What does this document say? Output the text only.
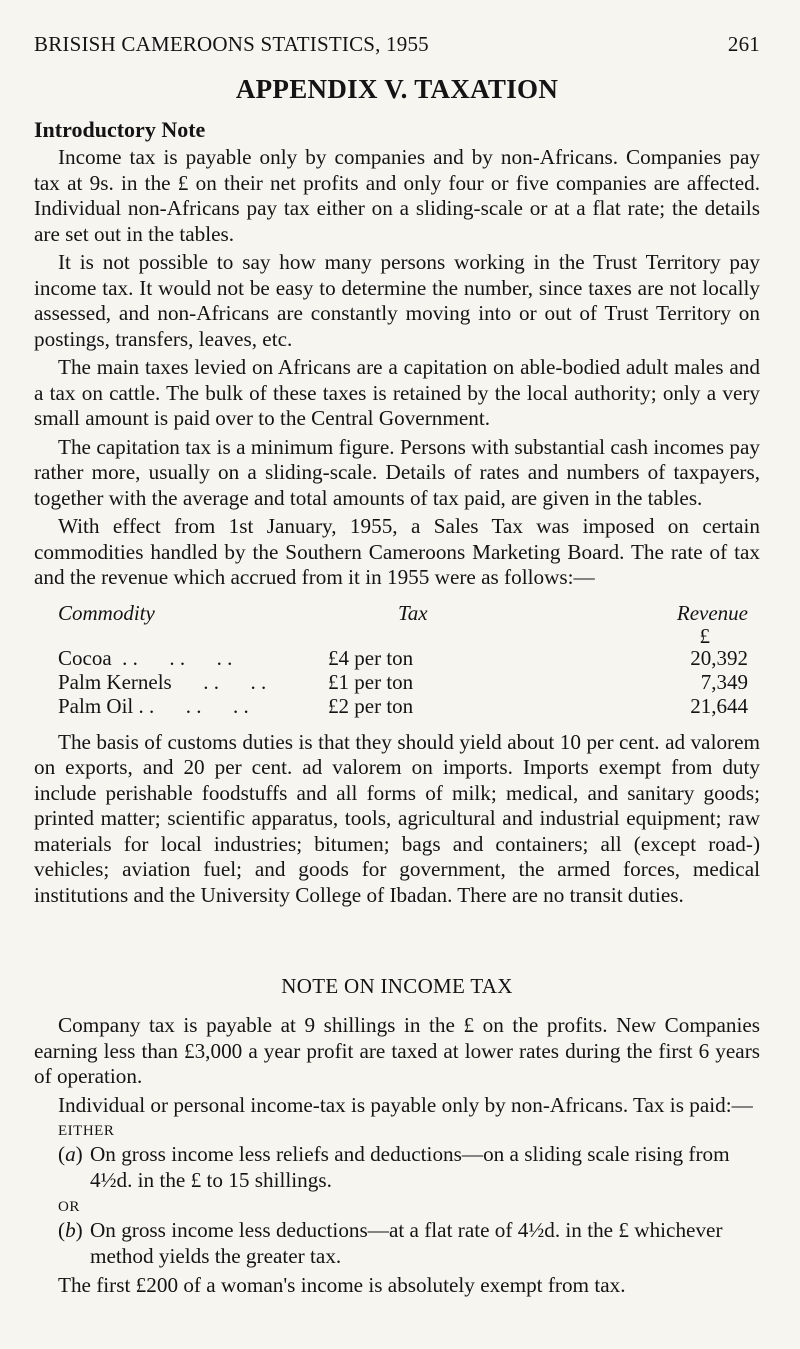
BRISISH CAMEROONS STATISTICS, 1955	261
APPENDIX V. TAXATION
Introductory Note

Income tax is payable only by companies and by non-Africans. Companies pay tax at 9s. in the £ on their net profits and only four or five companies are affected. Individual non-Africans pay tax either on a sliding-scale or at a flat rate; the details are set out in the tables.

It is not possible to say how many persons working in the Trust Territory pay income tax. It would not be easy to determine the number, since taxes are not locally assessed, and non-Africans are constantly moving into or out of Trust Territory on postings, transfers, leaves, etc.

The main taxes levied on Africans are a capitation on able-bodied adult males and a tax on cattle. The bulk of these taxes is retained by the local authority; only a very small amount is paid over to the Central Government.

The capitation tax is a minimum figure. Persons with substantial cash incomes pay rather more, usually on a sliding-scale. Details of rates and numbers of taxpayers, together with the average and total amounts of tax paid, are given in the tables.

With effect from 1st January, 1955, a Sales Tax was imposed on certain commodities handled by the Southern Cameroons Marketing Board. The rate of tax and the revenue which accrued from it in 1955 were as follows:—

Commodity	Tax	Revenue
		£
Cocoa  . .      . .      . .	£4 per ton	20,392
Palm Kernels      . .      . .	£1 per ton	7,349
Palm Oil . .      . .      . .	£2 per ton	21,644

The basis of customs duties is that they should yield about 10 per cent. ad valorem on exports, and 20 per cent. ad valorem on imports. Imports exempt from duty include perishable foodstuffs and all forms of milk; medical, and sanitary goods; printed matter; scientific apparatus, tools, agricultural and industrial equipment; raw materials for local industries; bitumen; bags and containers; all (except road-) vehicles; aviation fuel; and goods for government, the armed forces, medical institutions and the University College of Ibadan. There are no transit duties.

NOTE ON INCOME TAX

Company tax is payable at 9 shillings in the £ on the profits. New Companies earning less than £3,000 a year profit are taxed at lower rates during the first 6 years of operation.

Individual or personal income-tax is payable only by non-Africans. Tax is paid:—

EITHER
(a) On gross income less reliefs and deductions—on a sliding scale rising from 4½d. in the £ to 15 shillings.
OR
(b) On gross income less deductions—at a flat rate of 4½d. in the £ whichever method yields the greater tax.

The first £200 of a woman's income is absolutely exempt from tax.
